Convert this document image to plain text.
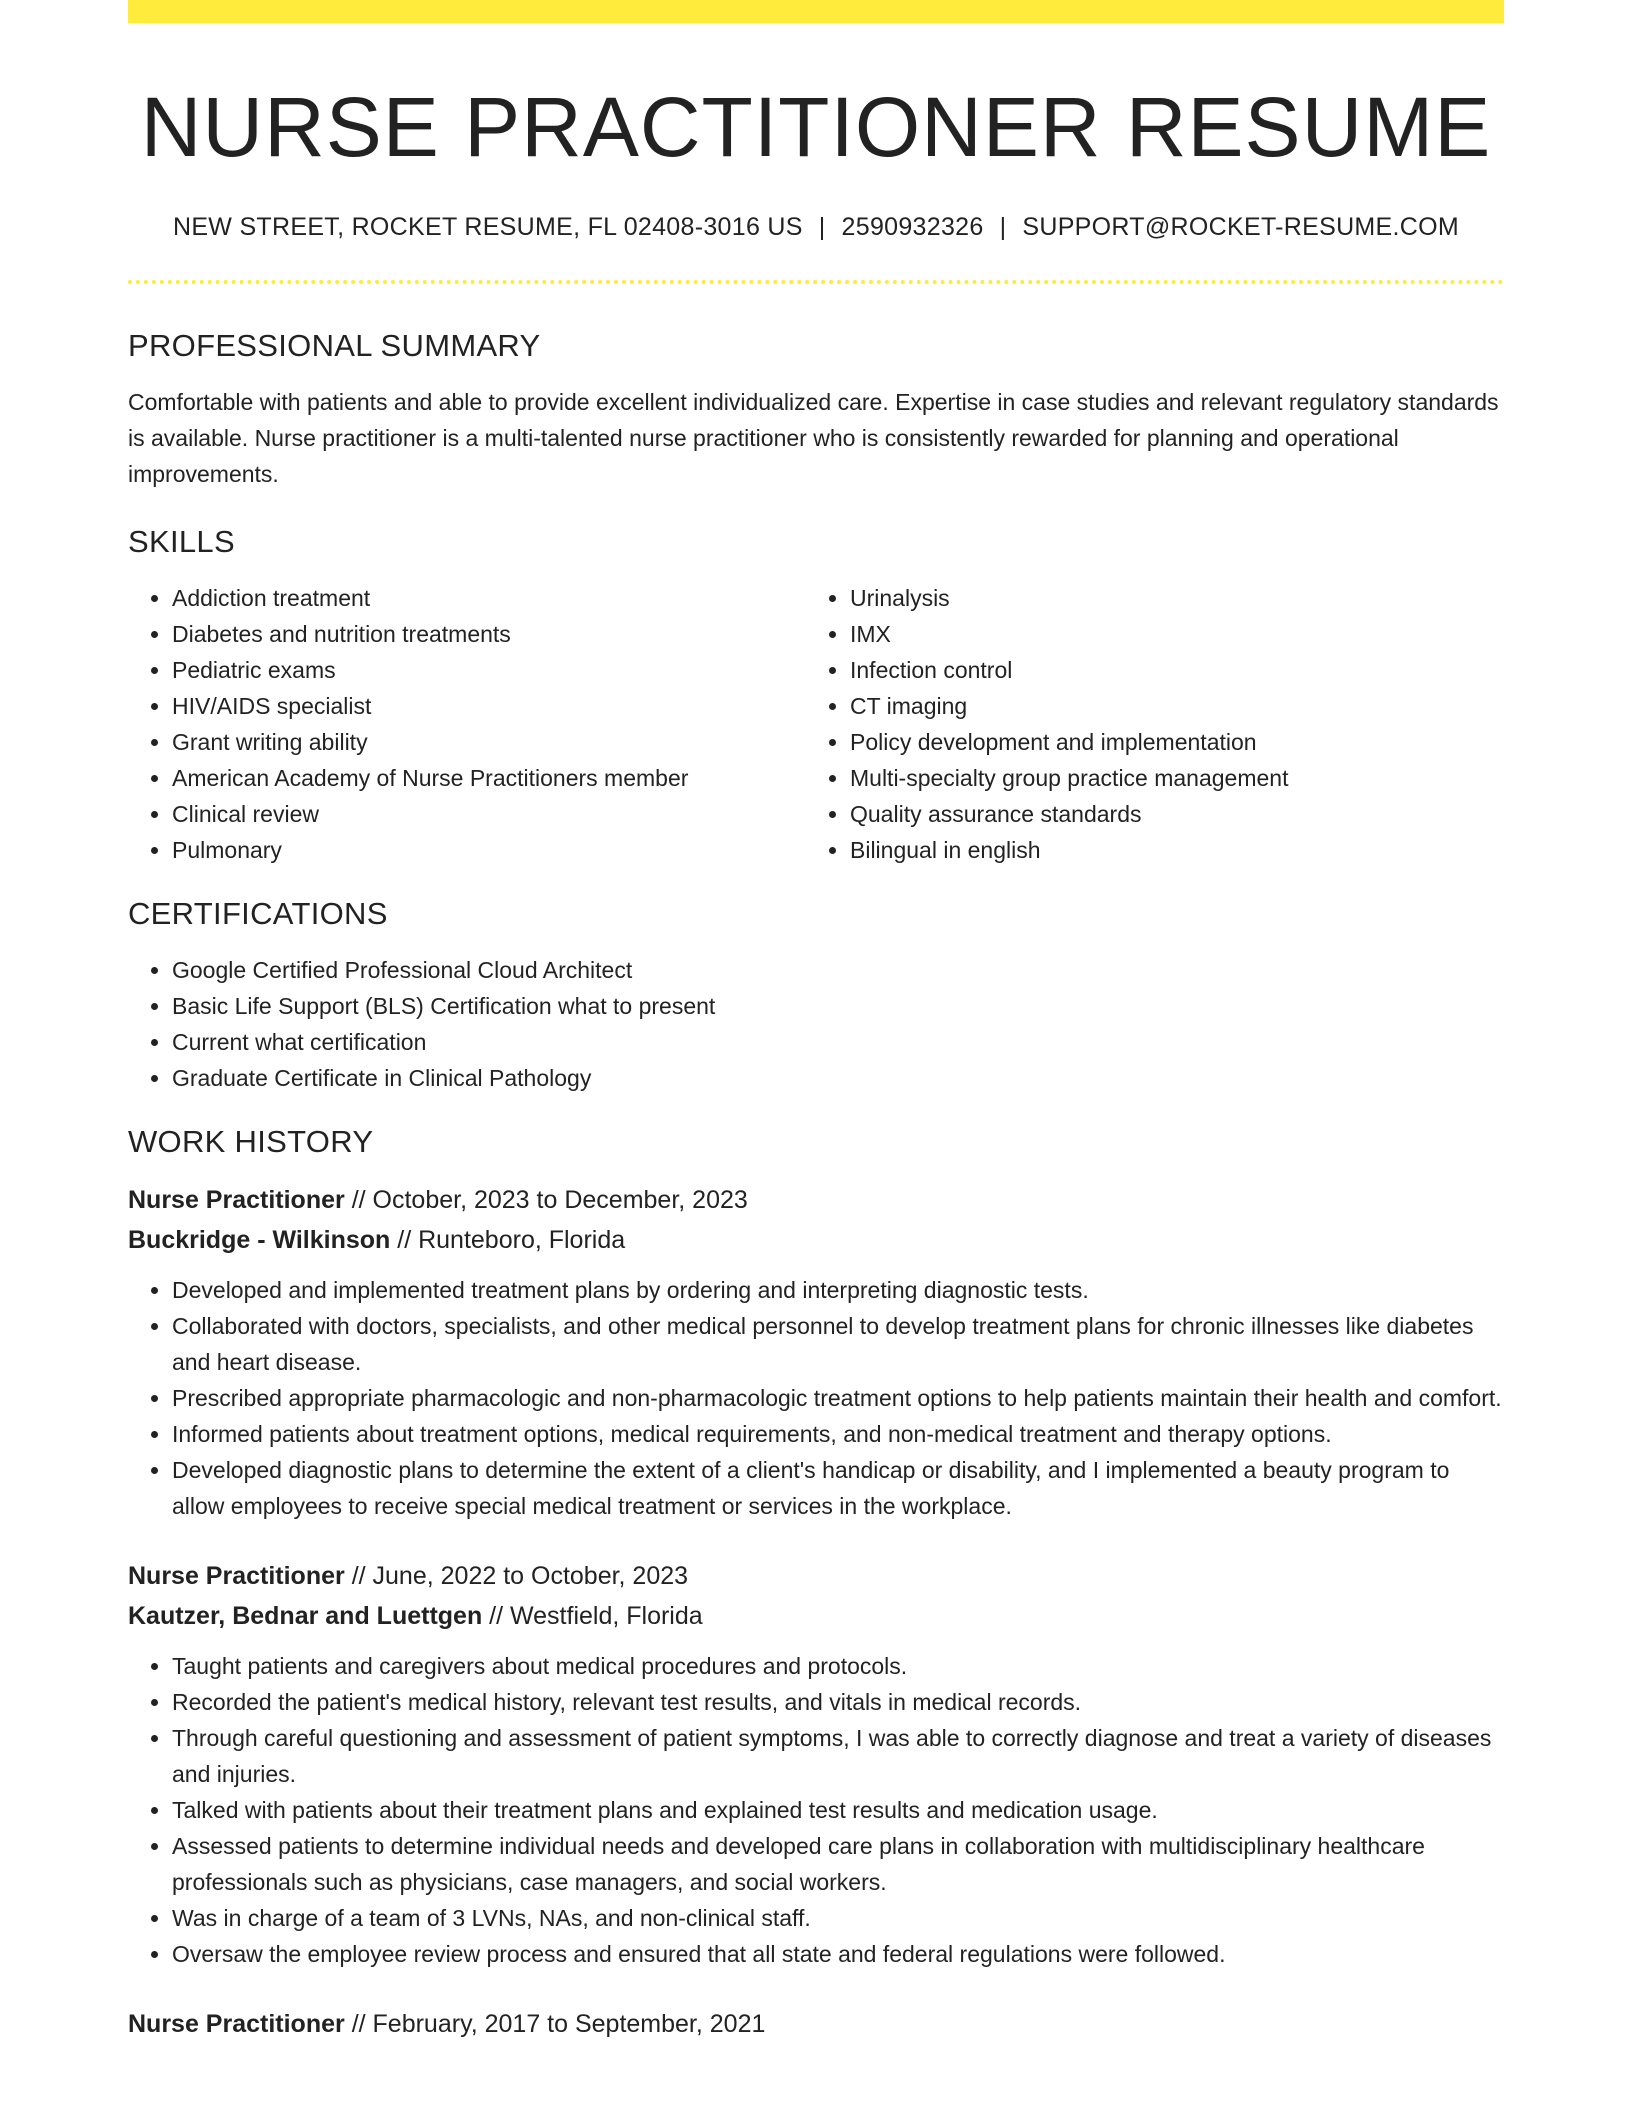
NURSE PRACTITIONER RESUME
NEW STREET, ROCKET RESUME, FL 02408-3016 US | 2590932326 | SUPPORT@ROCKET-RESUME.COM
PROFESSIONAL SUMMARY

Comfortable with patients and able to provide excellent individualized care. Expertise in case studies and relevant regulatory standards is available. Nurse practitioner is a multi-talented nurse practitioner who is consistently rewarded for planning and operational improvements.

SKILLS
• Addiction treatment
• Diabetes and nutrition treatments
• Pediatric exams
• HIV/AIDS specialist
• Grant writing ability
• American Academy of Nurse Practitioners member
• Clinical review
• Pulmonary
• Urinalysis
• IMX
• Infection control
• CT imaging
• Policy development and implementation
• Multi-specialty group practice management
• Quality assurance standards
• Bilingual in english
CERTIFICATIONS
• Google Certified Professional Cloud Architect
• Basic Life Support (BLS) Certification what to present
• Current what certification
• Graduate Certificate in Clinical Pathology
WORK HISTORY
Nurse Practitioner // October, 2023 to December, 2023
Buckridge - Wilkinson // Runteboro, Florida
• Developed and implemented treatment plans by ordering and interpreting diagnostic tests.
• Collaborated with doctors, specialists, and other medical personnel to develop treatment plans for chronic illnesses like diabetes and heart disease.
• Prescribed appropriate pharmacologic and non-pharmacologic treatment options to help patients maintain their health and comfort.
• Informed patients about treatment options, medical requirements, and non-medical treatment and therapy options.
• Developed diagnostic plans to determine the extent of a client's handicap or disability, and I implemented a beauty program to allow employees to receive special medical treatment or services in the workplace.
Nurse Practitioner // June, 2022 to October, 2023
Kautzer, Bednar and Luettgen // Westfield, Florida
• Taught patients and caregivers about medical procedures and protocols.
• Recorded the patient's medical history, relevant test results, and vitals in medical records.
• Through careful questioning and assessment of patient symptoms, I was able to correctly diagnose and treat a variety of diseases and injuries.
• Talked with patients about their treatment plans and explained test results and medication usage.
• Assessed patients to determine individual needs and developed care plans in collaboration with multidisciplinary healthcare professionals such as physicians, case managers, and social workers.
• Was in charge of a team of 3 LVNs, NAs, and non-clinical staff.
• Oversaw the employee review process and ensured that all state and federal regulations were followed.
Nurse Practitioner // February, 2017 to September, 2021
